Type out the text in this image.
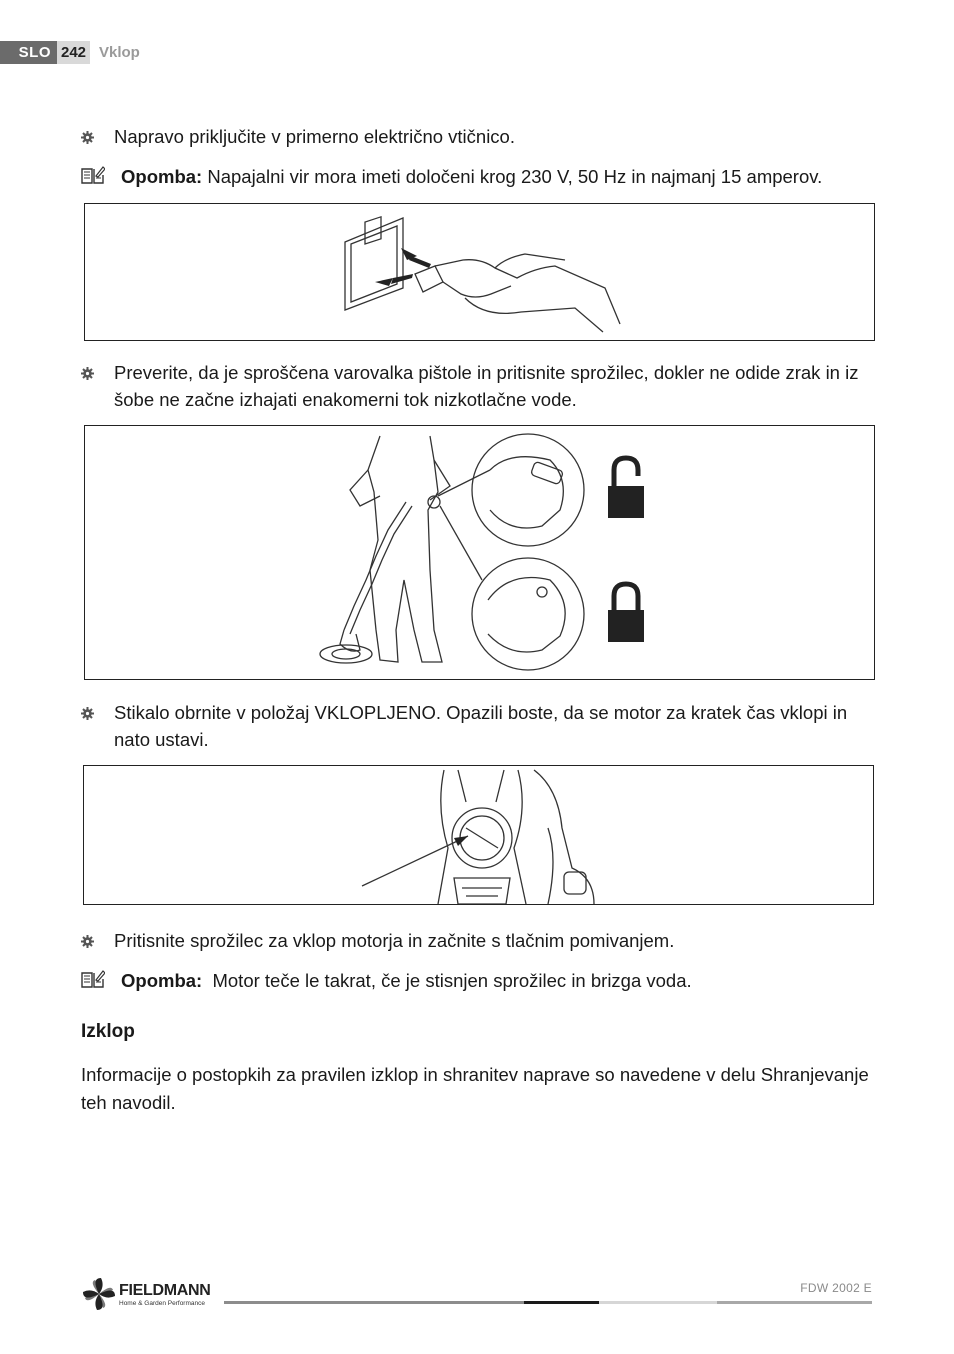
SLO 242 Vklop
Napravo priključite v primerno električno vtičnico.
Opomba: Napajalni vir mora imeti določeni krog 230 V, 50 Hz in najmanj 15 amperov.
Preverite, da je sproščena varovalka pištole in pritisnite sprožilec, dokler ne odide zrak in iz šobe ne začne izhajati enakomerni tok nizkotlačne vode.
Stikalo obrnite v položaj VKLOPLJENO. Opazili boste, da se motor za kratek čas vklopi in nato ustavi.
Pritisnite sprožilec za vklop motorja in začnite s tlačnim pomivanjem.
Opomba:  Motor teče le takrat, če je stisnjen sprožilec in brizga voda.
Izklop
Informacije o postopkih za pravilen izklop in shranitev naprave so navedene v delu Shranjevanje teh navodil.
FIELDMANN
Home & Garden Performance
FDW 2002 E
